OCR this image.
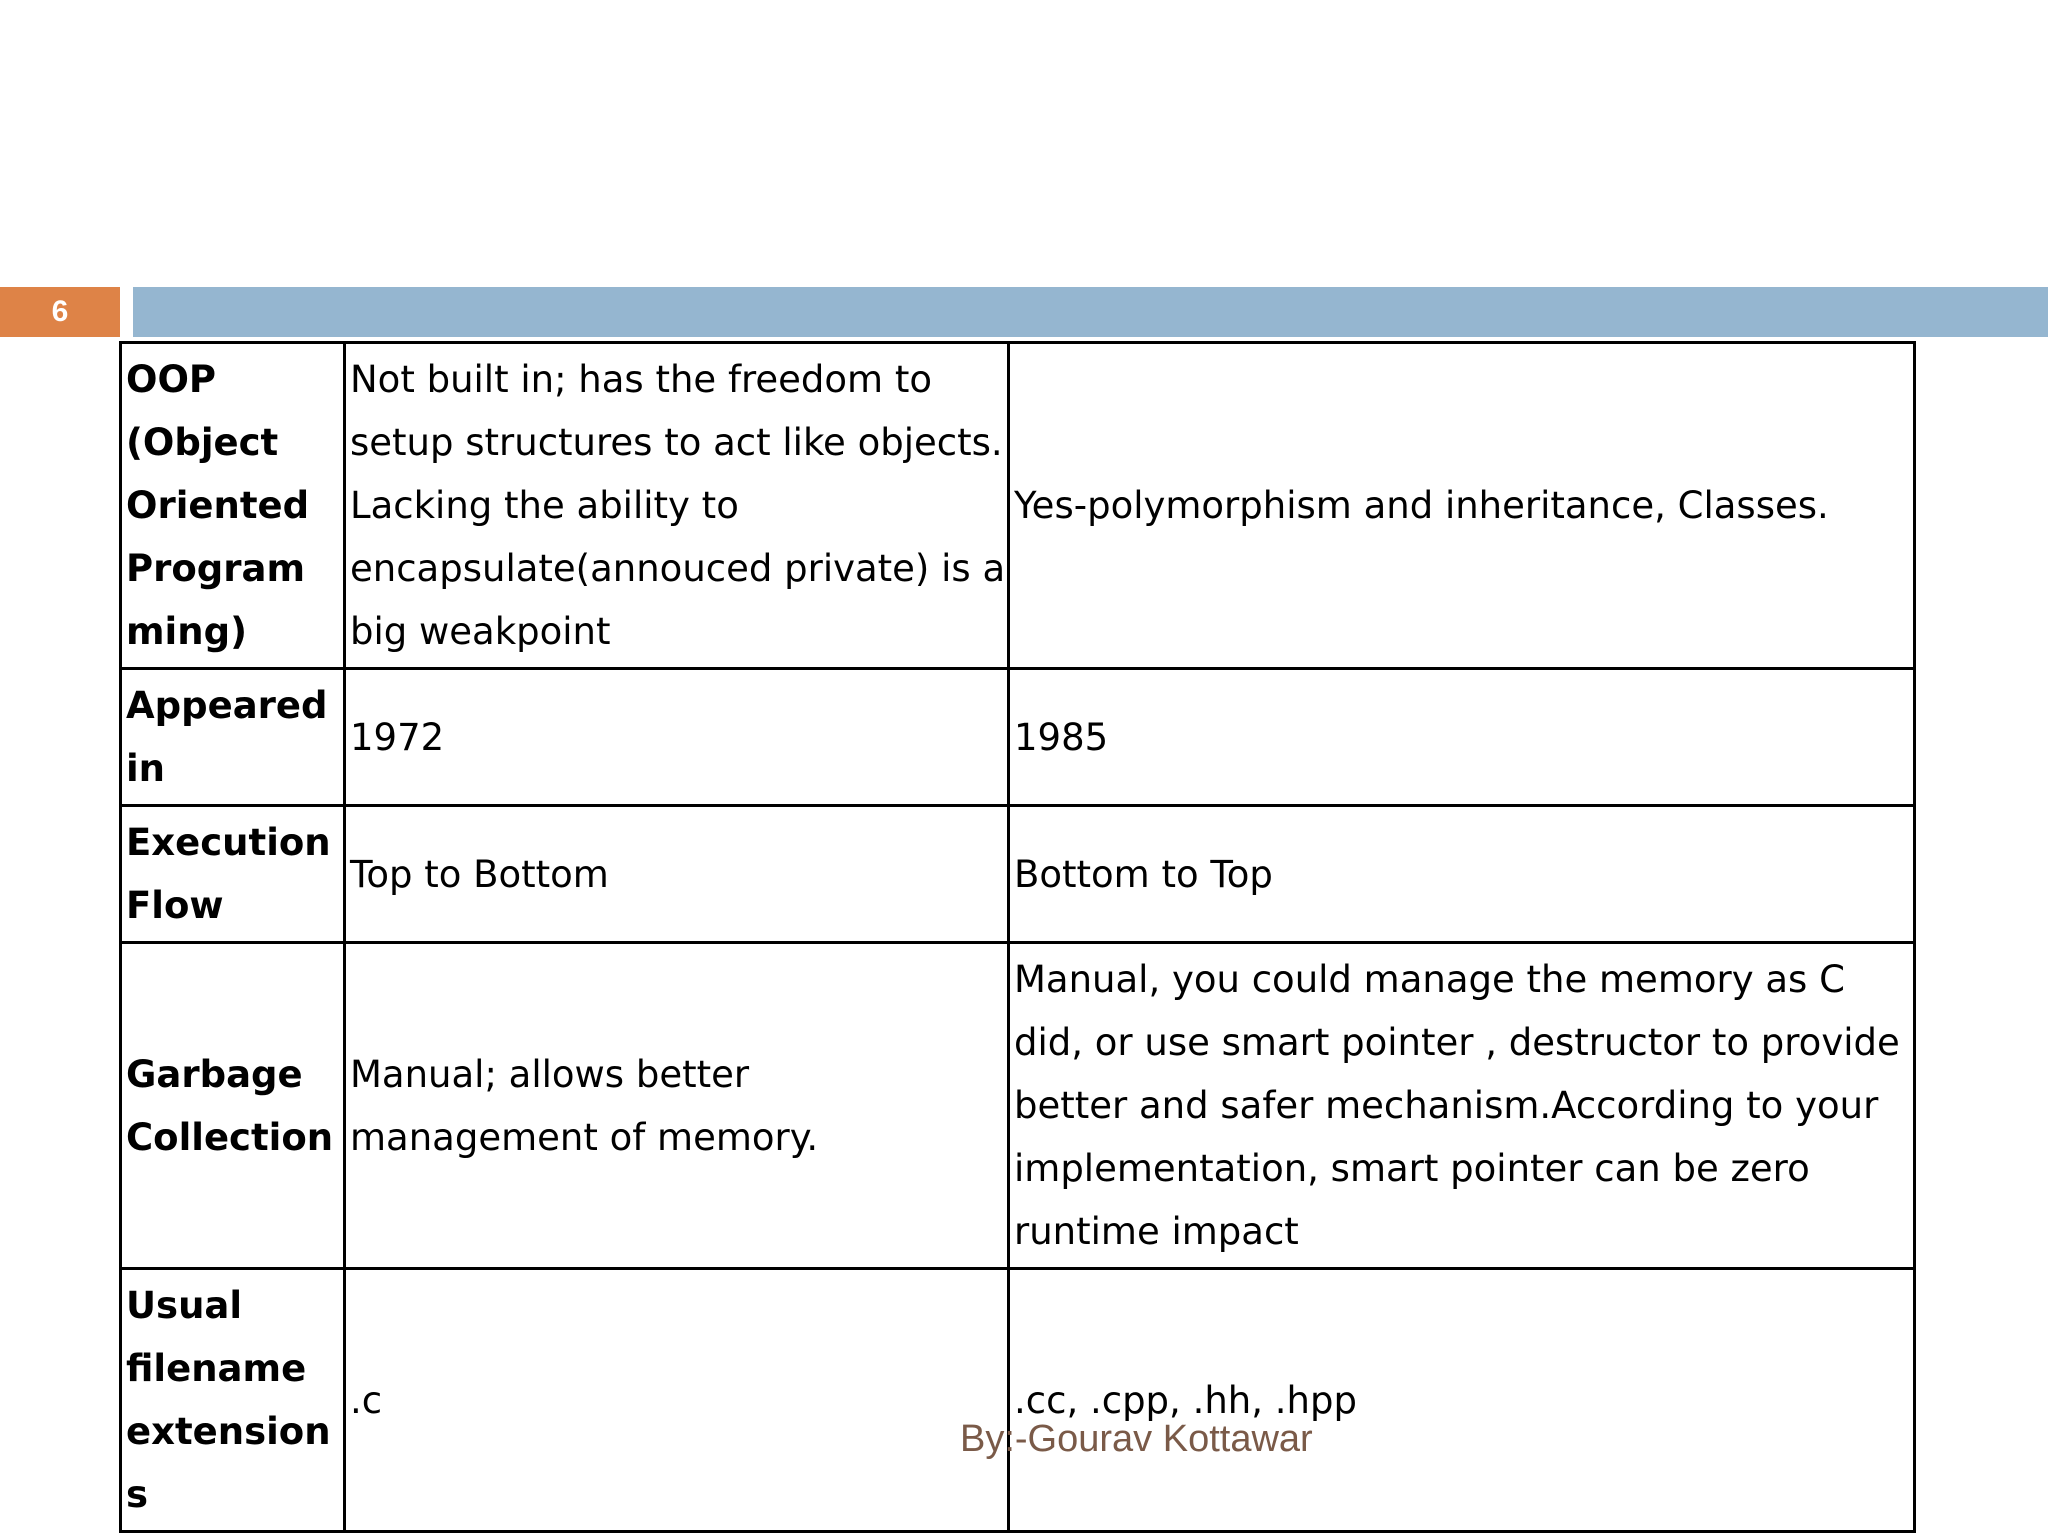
6
OOP (Object Oriented Programming)	Not built in; has the freedom to setup structures to act like objects. Lacking the ability to encapsulate(annouced private) is a big weakpoint	Yes-polymorphism and inheritance, Classes.
Appeared in	1972	1985
Execution Flow	Top to Bottom	Bottom to Top
Garbage Collection	Manual; allows better management of memory.	Manual, you could manage the memory as C did, or use smart pointer , destructor to provide better and safer mechanism.According to your implementation, smart pointer can be zero runtime impact
Usual filename extensions	.c	.cc, .cpp, .hh, .hpp
By:-Gourav Kottawar
